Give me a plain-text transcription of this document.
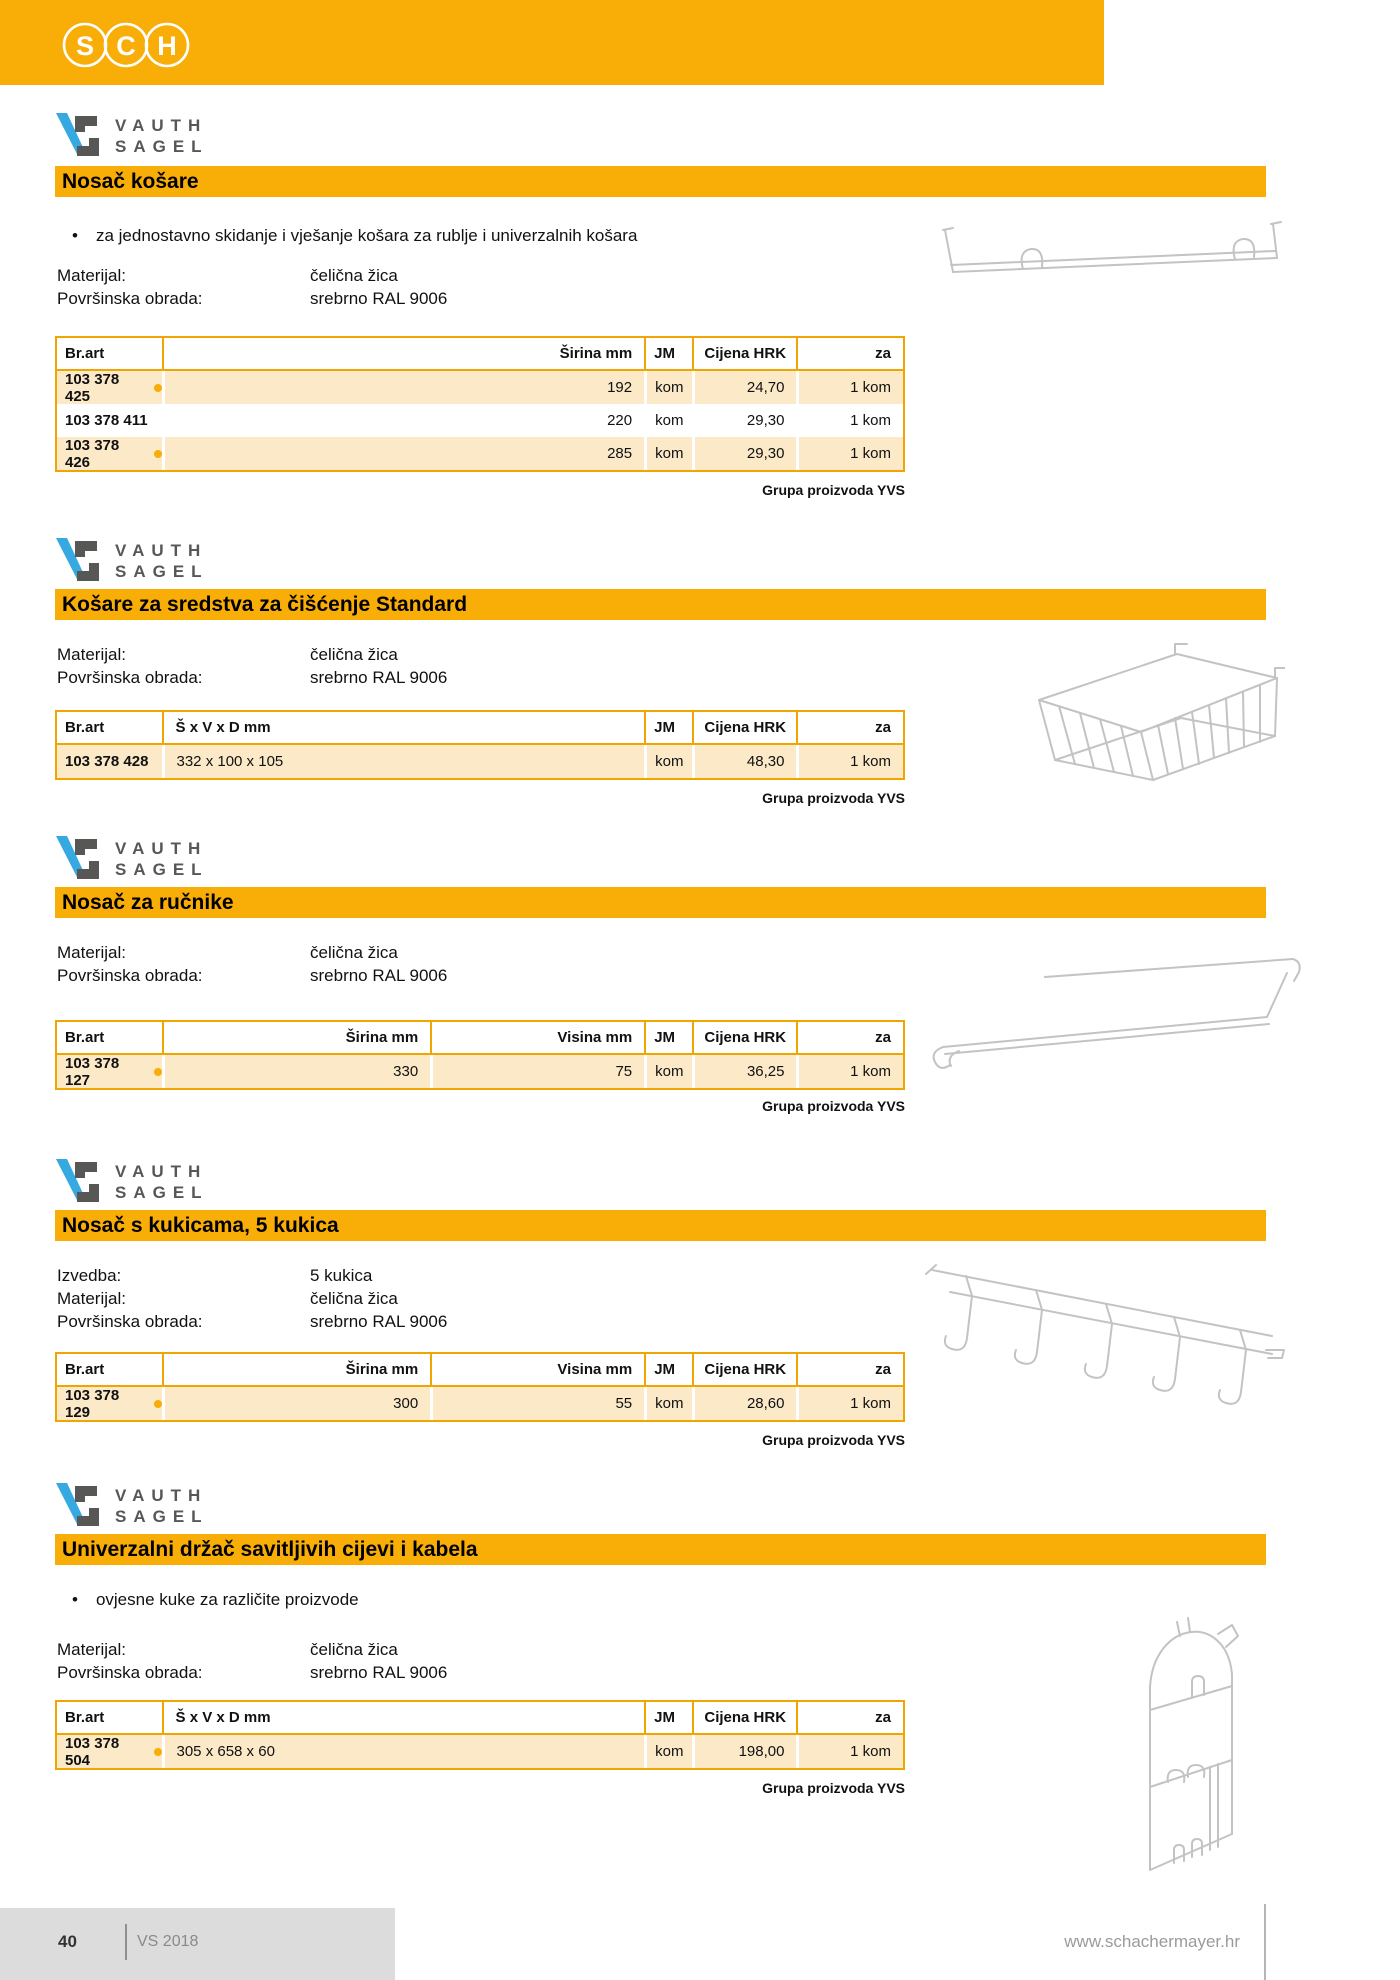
S C H
VAUTH
SAGEL
Nosač košare
• za jednostavno skidanje i vješanje košara za rublje i univerzalnih košara
Materijal:	čelična žica
Površinska obrada:	srebrno RAL 9006
Br.art	Širina mm	JM	Cijena HRK	za
103 378 425	192	kom	24,70	1 kom
103 378 411	220	kom	29,30	1 kom
103 378 426	285	kom	29,30	1 kom
Grupa proizvoda YVS
VAUTH
SAGEL
Košare za sredstva za čišćenje Standard
Materijal:	čelična žica
Površinska obrada:	srebrno RAL 9006
Br.art	Š x V x D mm	JM	Cijena HRK	za
103 378 428	332 x 100 x 105	kom	48,30	1 kom
Grupa proizvoda YVS
VAUTH
SAGEL
Nosač za ručnike
Materijal:	čelična žica
Površinska obrada:	srebrno RAL 9006
Br.art	Širina mm	Visina mm	JM	Cijena HRK	za
103 378 127	330	75	kom	36,25	1 kom
Grupa proizvoda YVS
VAUTH
SAGEL
Nosač s kukicama, 5 kukica
Izvedba:	5 kukica
Materijal:	čelična žica
Površinska obrada:	srebrno RAL 9006
Br.art	Širina mm	Visina mm	JM	Cijena HRK	za
103 378 129	300	55	kom	28,60	1 kom
Grupa proizvoda YVS
VAUTH
SAGEL
Univerzalni držač savitljivih cijevi i kabela
• ovjesne kuke za različite proizvode
Materijal:	čelična žica
Površinska obrada:	srebrno RAL 9006
Br.art	Š x V x D mm	JM	Cijena HRK	za
103 378 504	305 x 658 x 60	kom	198,00	1 kom
Grupa proizvoda YVS
40	VS 2018	www.schachermayer.hr
